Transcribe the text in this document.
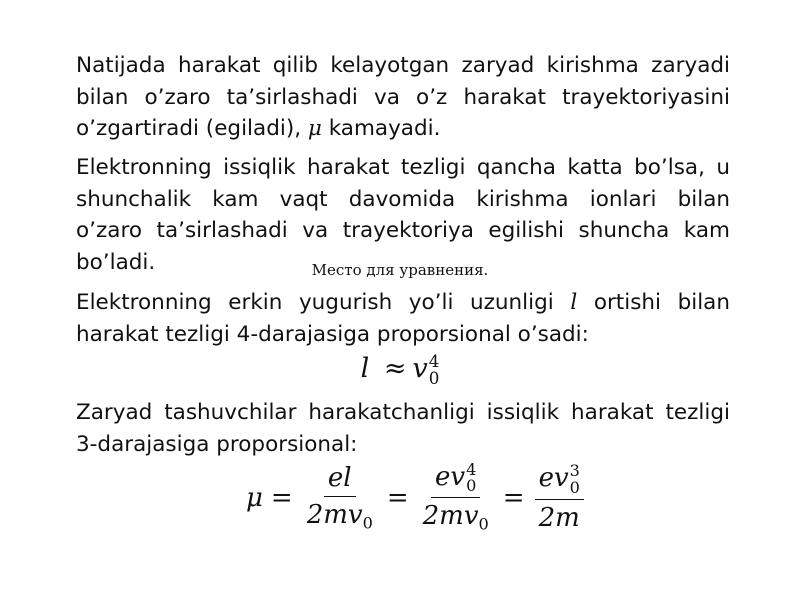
Natijada harakat qilib kelayotgan zaryad kirishma zaryadi
bilan o’zaro ta’sirlashadi va o’z harakat trayektoriyasini
o’zgartiradi (egiladi), μ kamayadi.
Elektronning issiqlik harakat tezligi qancha katta bo’lsa, u
shunchalik kam vaqt davomida kirishma ionlari bilan
o’zaro ta’sirlashadi va trayektoriya egilishi shuncha kam
bo’ladi.	Место для уравнения.
Elektronning erkin yugurish yo’li uzunligi l ortishi bilan
harakat tezligi 4-darajasiga proporsional o’sadi:
l ≈ v 4
0
Zaryad tashuvchilar harakatchanligi issiqlik harakat tezligi
3-darajasiga proporsional:
$\mu = \frac{el}{2mv_0}$ = ev 4
0
$2mv_0$ = ev 3
0
2m
